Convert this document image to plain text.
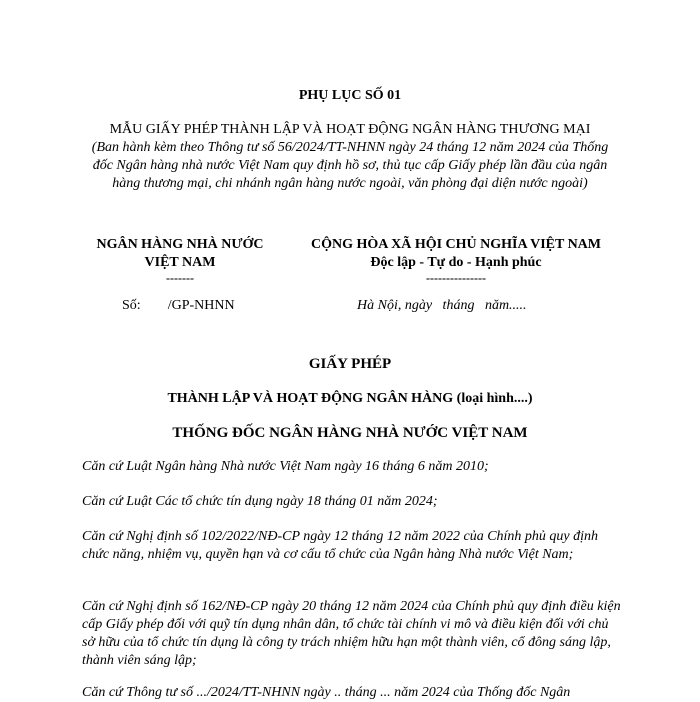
PHỤ LỤC SỐ 01
MẪU GIẤY PHÉP THÀNH LẬP VÀ HOẠT ĐỘNG NGÂN HÀNG THƯƠNG MẠI
(Ban hành kèm theo Thông tư số 56/2024/TT-NHNN ngày 24 tháng 12 năm 2024 của Thống đốc Ngân hàng nhà nước Việt Nam quy định hồ sơ, thủ tục cấp Giấy phép lần đầu của ngân hàng thương mại, chi nhánh ngân hàng nước ngoài, văn phòng đại diện nước ngoài)
NGÂN HÀNG NHÀ NƯỚC
VIỆT NAM
-------
CỘNG HÒA XÃ HỘI CHỦ NGHĨA VIỆT NAM
Độc lập - Tự do - Hạnh phúc
---------------
Số: /GP-NHNN	Hà Nội, ngày   tháng   năm.....
GIẤY PHÉP
THÀNH LẬP VÀ HOẠT ĐỘNG NGÂN HÀNG (loại hình....)
THỐNG ĐỐC NGÂN HÀNG NHÀ NƯỚC VIỆT NAM
Căn cứ Luật Ngân hàng Nhà nước Việt Nam ngày 16 tháng 6 năm 2010;
Căn cứ Luật Các tổ chức tín dụng ngày 18 tháng 01 năm 2024;
Căn cứ Nghị định số 102/2022/NĐ-CP ngày 12 tháng 12 năm 2022 của Chính phủ quy định chức năng, nhiệm vụ, quyền hạn và cơ cấu tổ chức của Ngân hàng Nhà nước Việt Nam;
Căn cứ Nghị định số 162/NĐ-CP ngày 20 tháng 12 năm 2024 của Chính phủ quy định điều kiện cấp Giấy phép đối với quỹ tín dụng nhân dân, tổ chức tài chính vi mô và điều kiện đối với chủ sở hữu của tổ chức tín dụng là công ty trách nhiệm hữu hạn một thành viên, cổ đông sáng lập, thành viên sáng lập;
Căn cứ Thông tư số .../2024/TT-NHNN ngày .. tháng ... năm 2024 của Thống đốc Ngân
